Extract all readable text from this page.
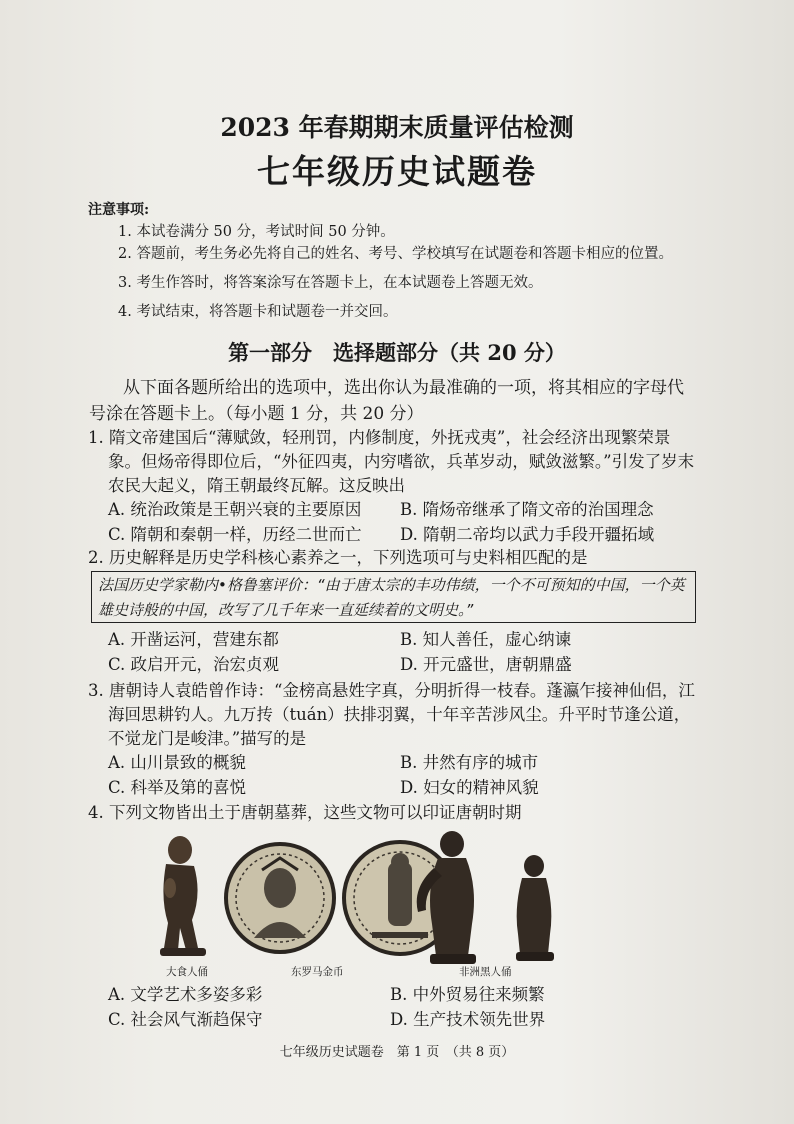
2023 年春期期末质量评估检测
七年级历史试题卷
注意事项:
1. 本试卷满分 50 分，考试时间 50 分钟。
2. 答题前，考生务必先将自己的姓名、考号、学校填写在试题卷和答题卡相应的位置。
3. 考生作答时，将答案涂写在答题卡上，在本试题卷上答题无效。
4. 考试结束，将答题卡和试题卷一并交回。
第一部分　选择题部分（共 20 分）
从下面各题所给出的选项中，选出你认为最准确的一项，将其相应的字母代号涂在答题卡上。（每小题 1 分，共 20 分）
1. 隋文帝建国后“薄赋敛，轻刑罚，内修制度，外抚戎夷”，社会经济出现繁荣景象。但炀帝得即位后，“外征四夷，内穷嗜欲，兵革岁动，赋敛滋繁。”引发了岁末农民大起义，隋王朝最终瓦解。这反映出
A. 统治政策是王朝兴衰的主要原因 B. 隋炀帝继承了隋文帝的治国理念
C. 隋朝和秦朝一样，历经二世而亡 D. 隋朝二帝均以武力手段开疆拓域
2. 历史解释是历史学科核心素养之一，下列选项可与史料相匹配的是
法国历史学家勒内•格鲁塞评价：“由于唐太宗的丰功伟绩，一个不可预知的中国，一个英雄史诗般的中国，改写了几千年来一直延续着的文明史。”
A. 开凿运河，营建东都	B. 知人善任，虚心纳谏
C. 政启开元，治宏贞观	D. 开元盛世，唐朝鼎盛
3. 唐朝诗人袁皓曾作诗：“金榜高悬姓字真，分明折得一枝春。蓬瀛乍接神仙侣，江海回思耕钓人。九万抟（tuán）扶排羽翼，十年辛苦涉风尘。升平时节逢公道，不觉龙门是峻津。”描写的是
A. 山川景致的概貌	B. 井然有序的城市
C. 科举及第的喜悦	D. 妇女的精神风貌
4. 下列文物皆出土于唐朝墓葬，这些文物可以印证唐朝时期
大食人俑	东罗马金币	非洲黑人俑
A. 文学艺术多姿多彩	B. 中外贸易往来频繁
C. 社会风气渐趋保守	D. 生产技术领先世界
七年级历史试题卷　第 1 页　（共 8 页）
